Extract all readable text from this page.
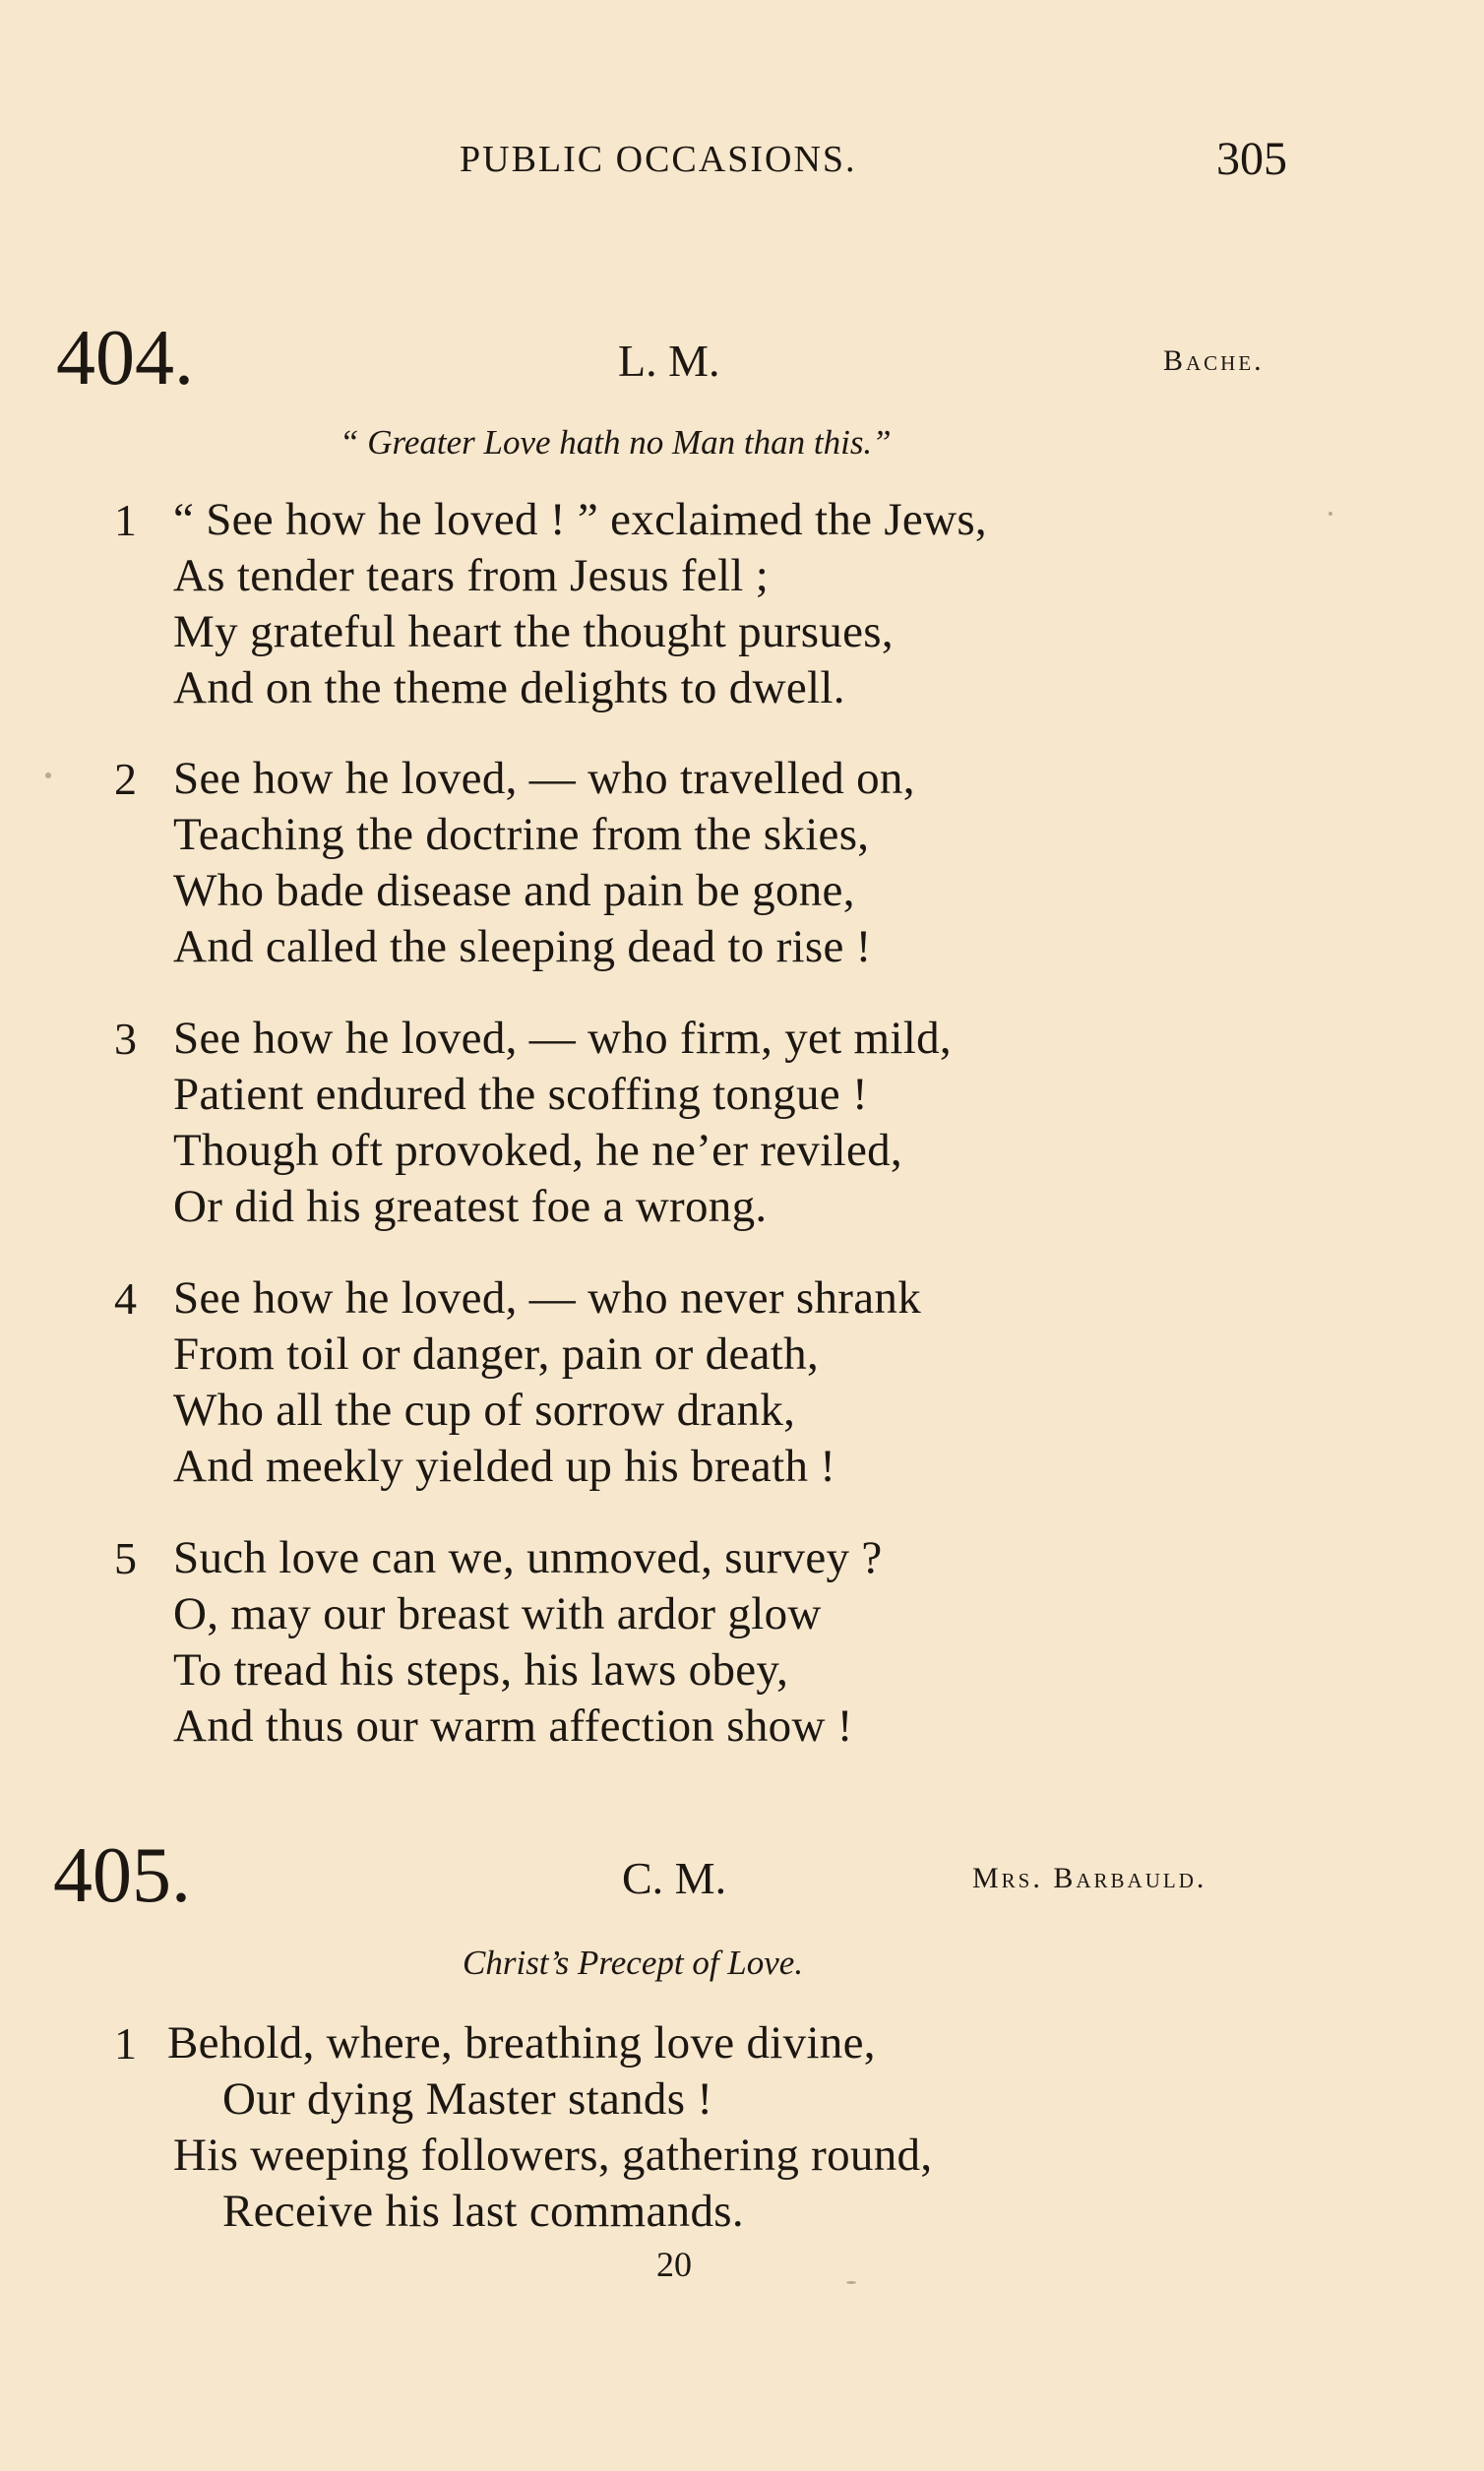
PUBLIC OCCASIONS.	305
404.	L. M.	Bache.
“ Greater Love hath no Man than this.”
1 “ See how he loved ! ” exclaimed the Jews,
As tender tears from Jesus fell ;
My grateful heart the thought pursues,
And on the theme delights to dwell.
2 See how he loved, — who travelled on,
Teaching the doctrine from the skies,
Who bade disease and pain be gone,
And called the sleeping dead to rise !
3 See how he loved, — who firm, yet mild,
Patient endured the scoffing tongue !
Though oft provoked, he ne’er reviled,
Or did his greatest foe a wrong.
4 See how he loved, — who never shrank
From toil or danger, pain or death,
Who all the cup of sorrow drank,
And meekly yielded up his breath !
5 Such love can we, unmoved, survey ?
O, may our breast with ardor glow
To tread his steps, his laws obey,
And thus our warm affection show !
405.	C. M.	Mrs. Barbauld.
Christ’s Precept of Love.
1 Behold, where, breathing love divine,
Our dying Master stands !
His weeping followers, gathering round,
Receive his last commands.
20
